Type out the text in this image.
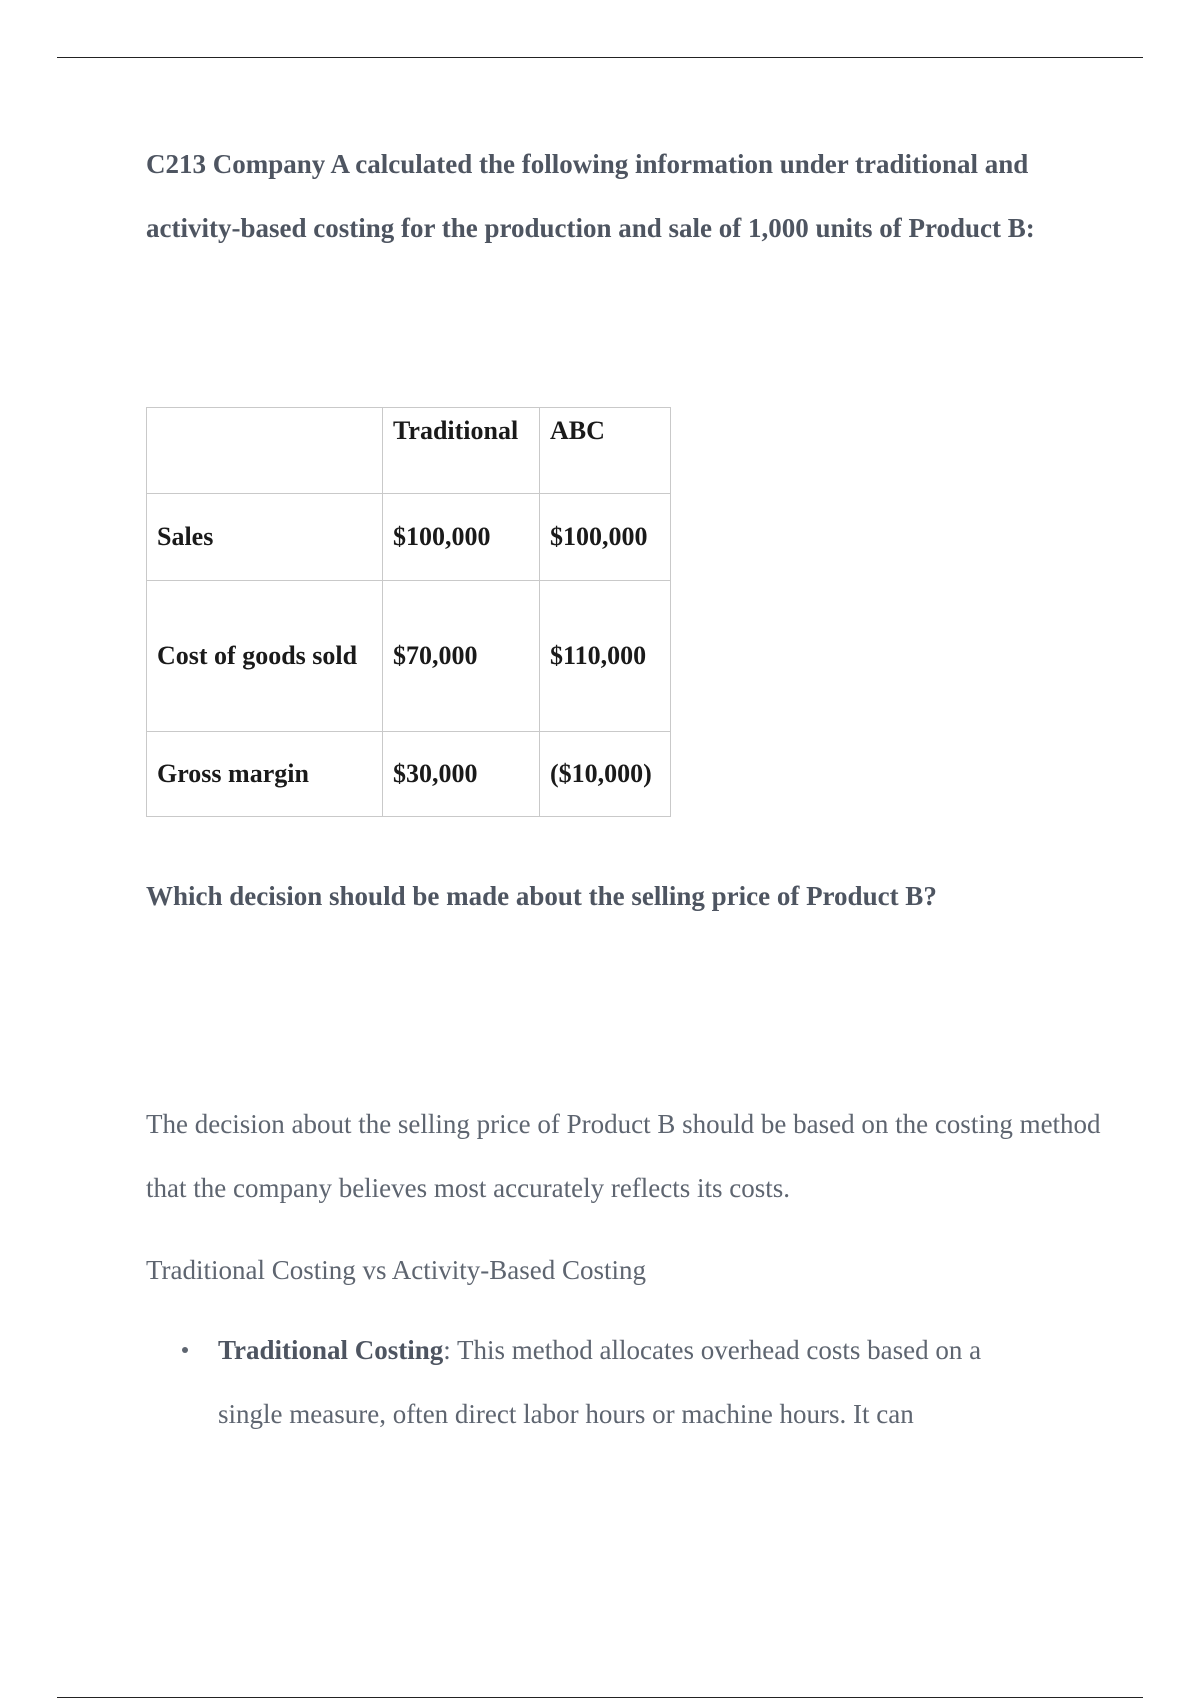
C213 Company A calculated the following information under traditional and activity-based costing for the production and sale of 1,000 units of Product B:

	Traditional	ABC
Sales	$100,000	$100,000
Cost of goods sold	$70,000	$110,000
Gross margin	$30,000	($10,000)

Which decision should be made about the selling price of Product B?

The decision about the selling price of Product B should be based on the costing method that the company believes most accurately reflects its costs.

Traditional Costing vs Activity-Based Costing

Traditional Costing: This method allocates overhead costs based on a single measure, often direct labor hours or machine hours. It can
